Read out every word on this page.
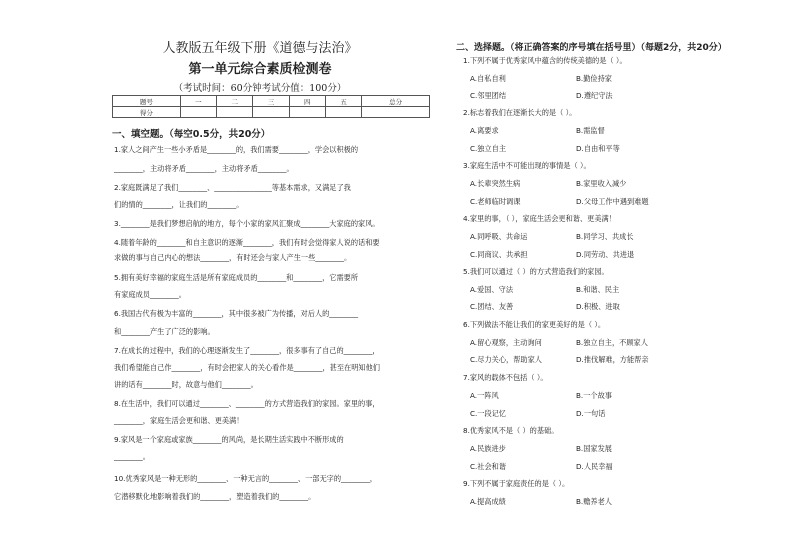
人教版五年级下册《道德与法治》
第一单元综合素质检测卷
（考试时间：60分钟考试分值：100分）
题号	一	二	三	四	五	总分
得分						
一、填空题。（每空0.5分，共20分）
1.家人之间产生一些小矛盾是________的，我们需要________，学会以积极的
________，主动将矛盾________，主动将矛盾________。
2.家庭既满足了我们________、________________等基本需求，又满足了我
们的情的________，让我们的________。
3.________是我们梦想启航的地方，每个小家的家风汇聚成________大家庭的家风。
4.随着年龄的________和自主意识的逐渐________，我们有时会觉得家人说的话和要
求做的事与自己内心的想法________，有时还会与家人产生一些________。
5.拥有美好幸福的家庭生活是所有家庭成员的________和________，它需要所
有家庭成员________。
6.我国古代有极为丰富的________，其中很多被广为传播，对后人的________
和________产生了广泛的影响。
7.在成长的过程中，我们的心理逐渐发生了________，很多事有了自己的________，
我们希望能自己作________，有时会把家人的关心看作是________，甚至在明知他们
讲的话有________时，故意与他们________。
8.在生活中，我们可以通过________、________的方式营造我们的家园。家里的事，
________，家庭生活会更和谐、更美满！
9.家风是一个家庭或家族________的风尚，是长期生活实践中不断形成的
________。
10.优秀家风是一种无形的________、一种无言的________、一部无字的________，
它潜移默化地影响着我们的________，塑造着我们的________。
二、选择题。（将正确答案的序号填在括号里）（每题2分，共20分）
1.下列不属于优秀家风中蕴含的传统美德的是（ ）。
A.自私自利	B.勤俭持家
C.邻里团结	D.遵纪守法
2.标志着我们在逐渐长大的是（ ）。
A.离要求	B.需监督
C.独立自主	D.自由和平等
3.家庭生活中不可能出现的事情是（ ）。
A.长辈突然生病	B.家里收入减少
C.老师临时调课	D.父母工作中遇到难题
4.家里的事，（ ），家庭生活会更和谐、更美满！
A.同呼吸、共命运	B.同学习、共成长
C.同商议、共承担	D.同劳动、共进退
5.我们可以通过（ ）的方式营造我们的家园。
A.爱国、守法	B.和谐、民主
C.团结、友善	D.积极、进取
6.下列做法不能让我们的家更美好的是（ ）。
A.留心观察，主动询问	B.独立自主，不顾家人
C.尽力关心，帮助家人	D.推伐解难，方能帮亲
7.家风的载体不包括（ ）。
A.一阵风	B.一个故事
C.一段记忆	D.一句话
8.优秀家风不是（ ）的基础。
A.民族进步	B.国家发展
C.社会和谐	D.人民幸福
9.下列不属于家庭责任的是（ ）。
A.提高成绩	B.赡养老人
